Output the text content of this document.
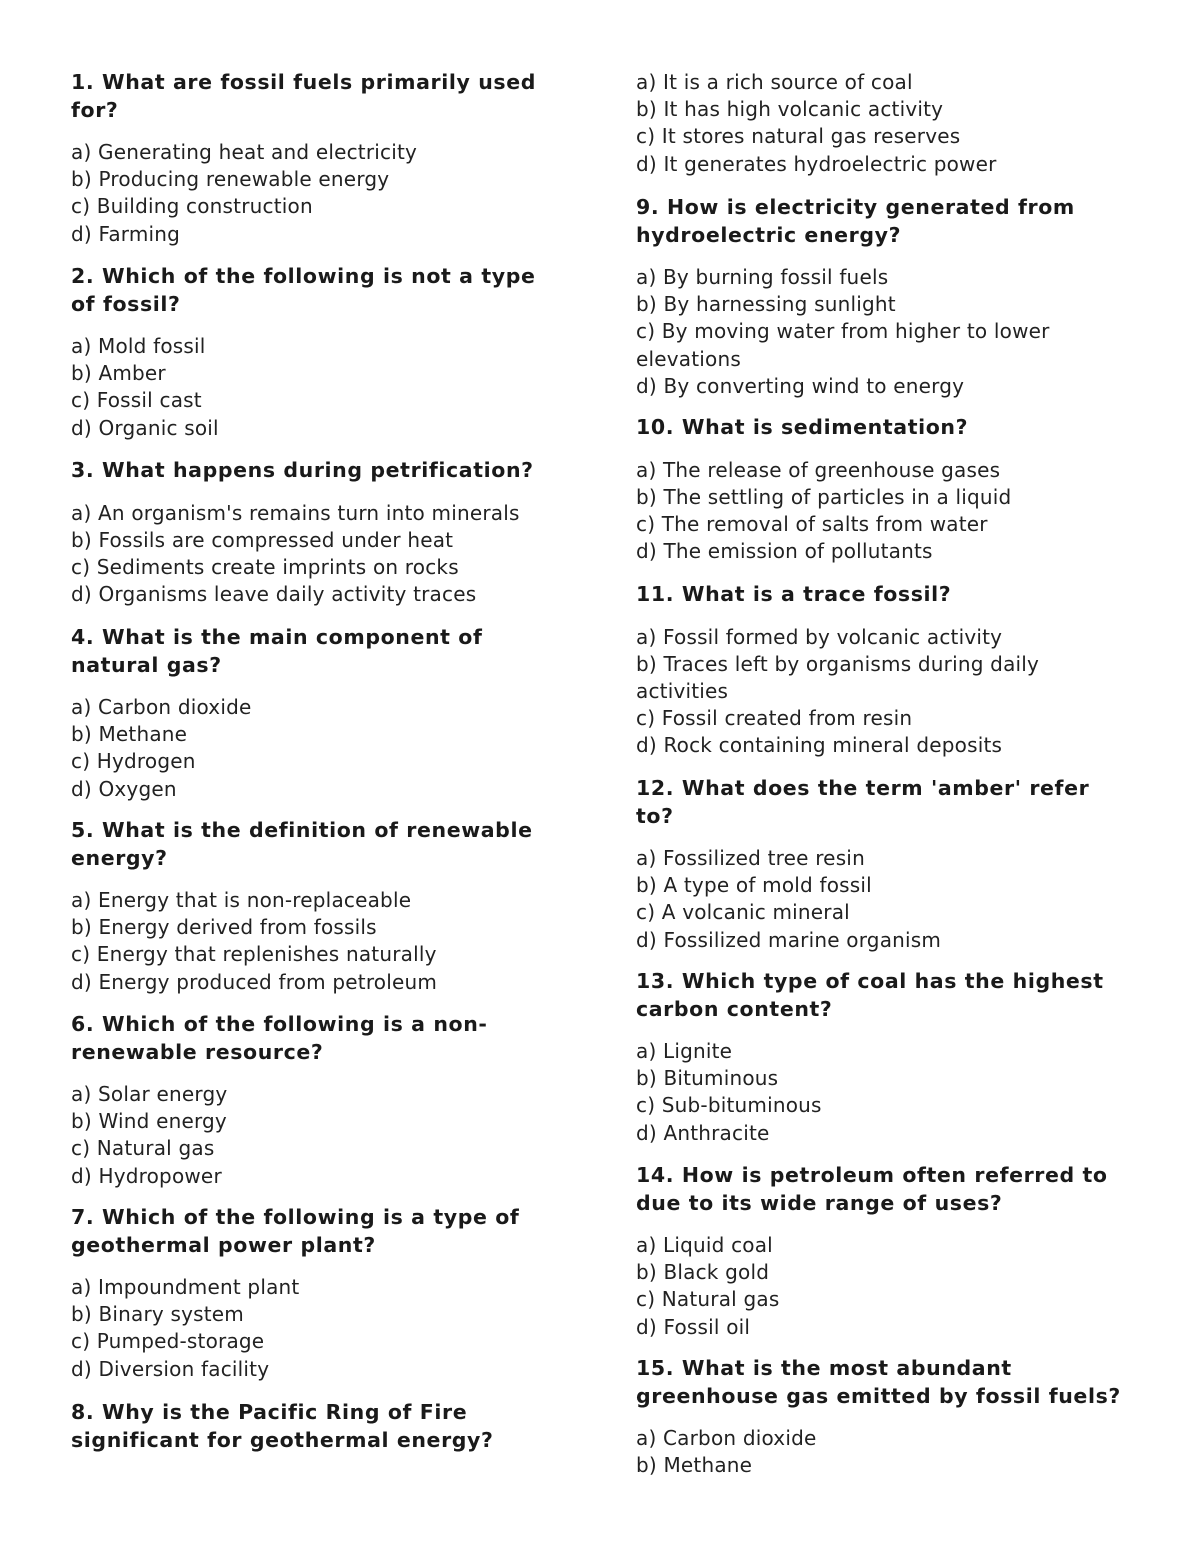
1. What are fossil fuels primarily used for?

a) Generating heat and electricity
b) Producing renewable energy
c) Building construction
d) Farming

2. Which of the following is not a type of fossil?

a) Mold fossil
b) Amber
c) Fossil cast
d) Organic soil

3. What happens during petrification?

a) An organism's remains turn into minerals
b) Fossils are compressed under heat
c) Sediments create imprints on rocks
d) Organisms leave daily activity traces

4. What is the main component of natural gas?

a) Carbon dioxide
b) Methane
c) Hydrogen
d) Oxygen

5. What is the definition of renewable energy?

a) Energy that is non-replaceable
b) Energy derived from fossils
c) Energy that replenishes naturally
d) Energy produced from petroleum

6. Which of the following is a non-renewable resource?

a) Solar energy
b) Wind energy
c) Natural gas
d) Hydropower

7. Which of the following is a type of geothermal power plant?

a) Impoundment plant
b) Binary system
c) Pumped-storage
d) Diversion facility

8. Why is the Pacific Ring of Fire significant for geothermal energy?

a) It is a rich source of coal
b) It has high volcanic activity
c) It stores natural gas reserves
d) It generates hydroelectric power

9. How is electricity generated from hydroelectric energy?

a) By burning fossil fuels
b) By harnessing sunlight
c) By moving water from higher to lower elevations
d) By converting wind to energy

10. What is sedimentation?

a) The release of greenhouse gases
b) The settling of particles in a liquid
c) The removal of salts from water
d) The emission of pollutants

11. What is a trace fossil?

a) Fossil formed by volcanic activity
b) Traces left by organisms during daily activities
c) Fossil created from resin
d) Rock containing mineral deposits

12. What does the term 'amber' refer to?

a) Fossilized tree resin
b) A type of mold fossil
c) A volcanic mineral
d) Fossilized marine organism

13. Which type of coal has the highest carbon content?

a) Lignite
b) Bituminous
c) Sub-bituminous
d) Anthracite

14. How is petroleum often referred to due to its wide range of uses?

a) Liquid coal
b) Black gold
c) Natural gas
d) Fossil oil

15. What is the most abundant greenhouse gas emitted by fossil fuels?

a) Carbon dioxide
b) Methane
